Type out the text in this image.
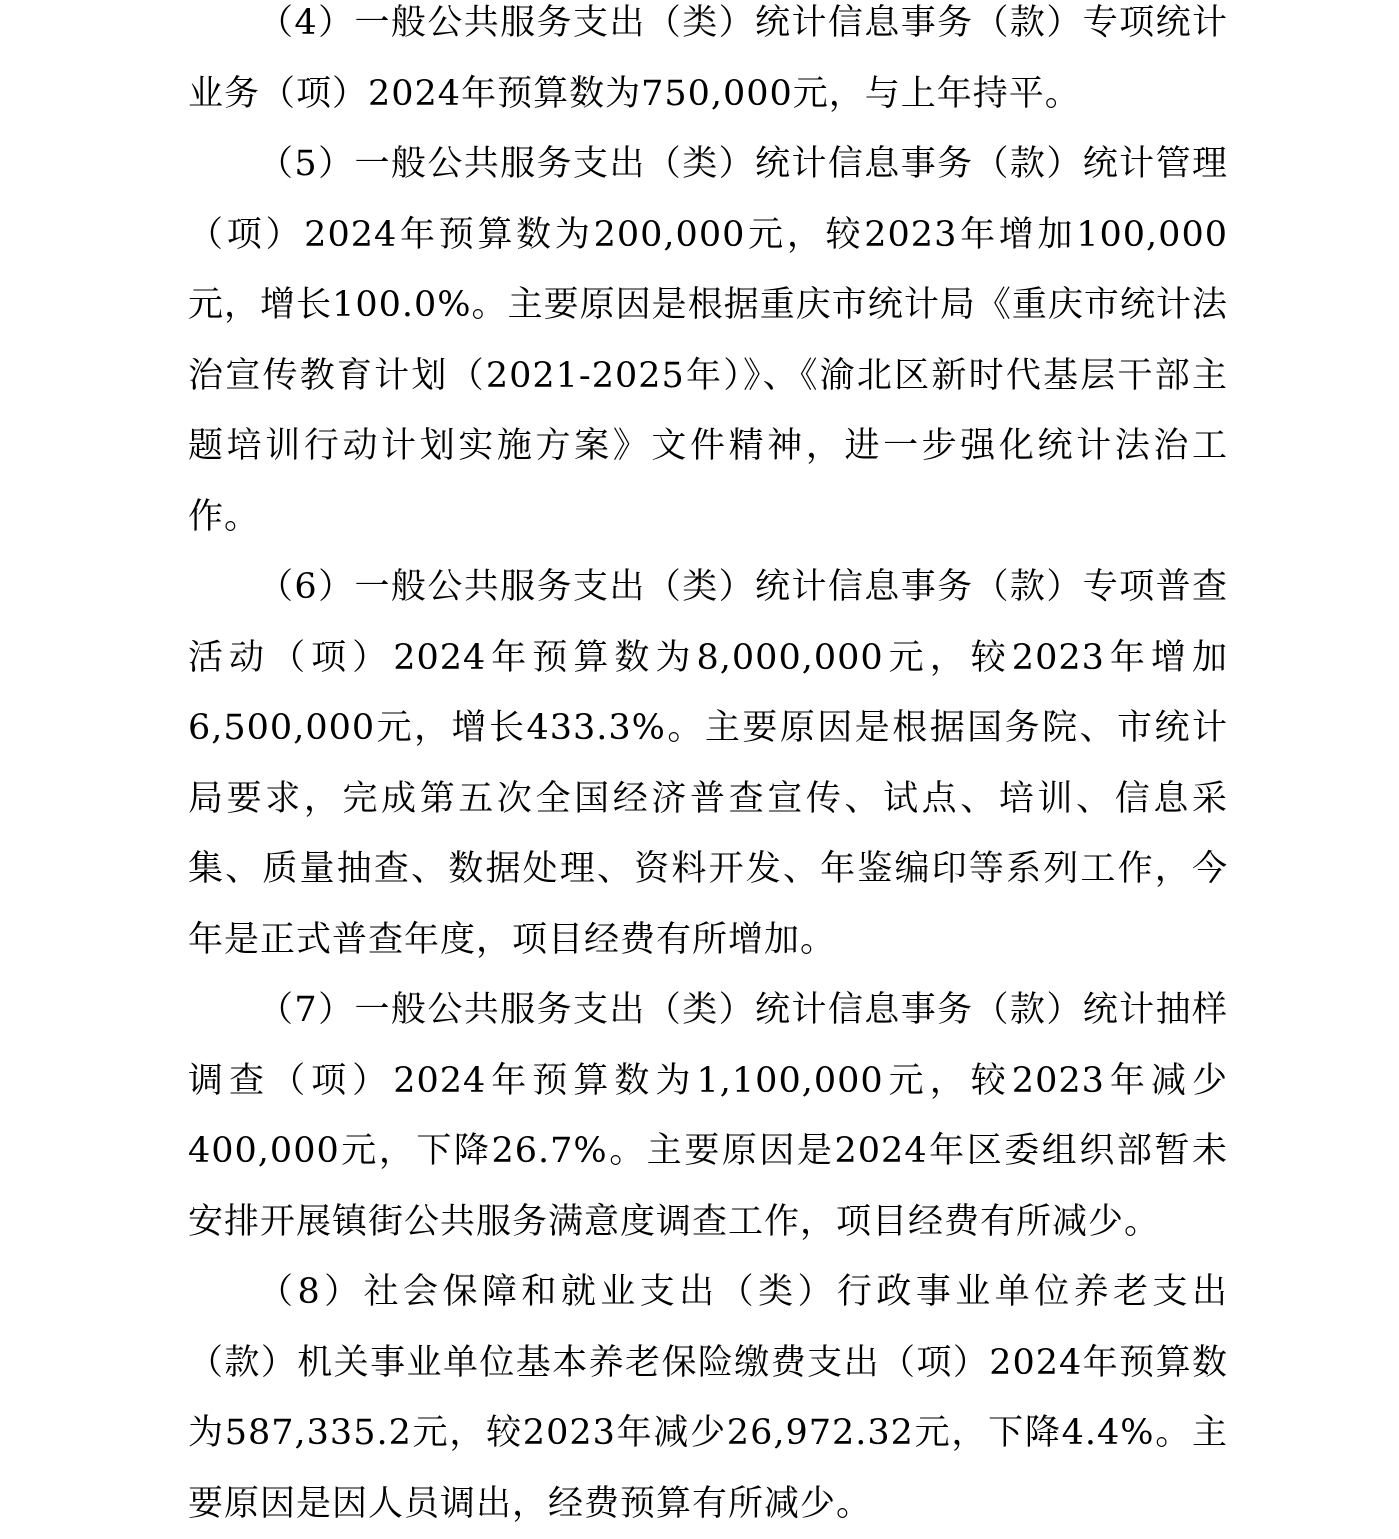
（4）一般公共服务支出（类）统计信息事务（款）专项统计业务（项）2024年预算数为750,000元，与上年持平。

（5）一般公共服务支出（类）统计信息事务（款）统计管理（项）2024年预算数为200,000元，较2023年增加100,000元，增长100.0%。主要原因是根据重庆市统计局《重庆市统计法治宣传教育计划（2021-2025年）》、《渝北区新时代基层干部主题培训行动计划实施方案》文件精神，进一步强化统计法治工作。

（6）一般公共服务支出（类）统计信息事务（款）专项普查活动（项）2024年预算数为8,000,000元，较2023年增加6,500,000元，增长433.3%。主要原因是根据国务院、市统计局要求，完成第五次全国经济普查宣传、试点、培训、信息采集、质量抽查、数据处理、资料开发、年鉴编印等系列工作，今年是正式普查年度，项目经费有所增加。

（7）一般公共服务支出（类）统计信息事务（款）统计抽样调查（项）2024年预算数为1,100,000元，较2023年减少400,000元，下降26.7%。主要原因是2024年区委组织部暂未安排开展镇街公共服务满意度调查工作，项目经费有所减少。

（8）社会保障和就业支出（类）行政事业单位养老支出（款）机关事业单位基本养老保险缴费支出（项）2024年预算数为587,335.2元，较2023年减少26,972.32元，下降4.4%。主要原因是因人员调出，经费预算有所减少。
